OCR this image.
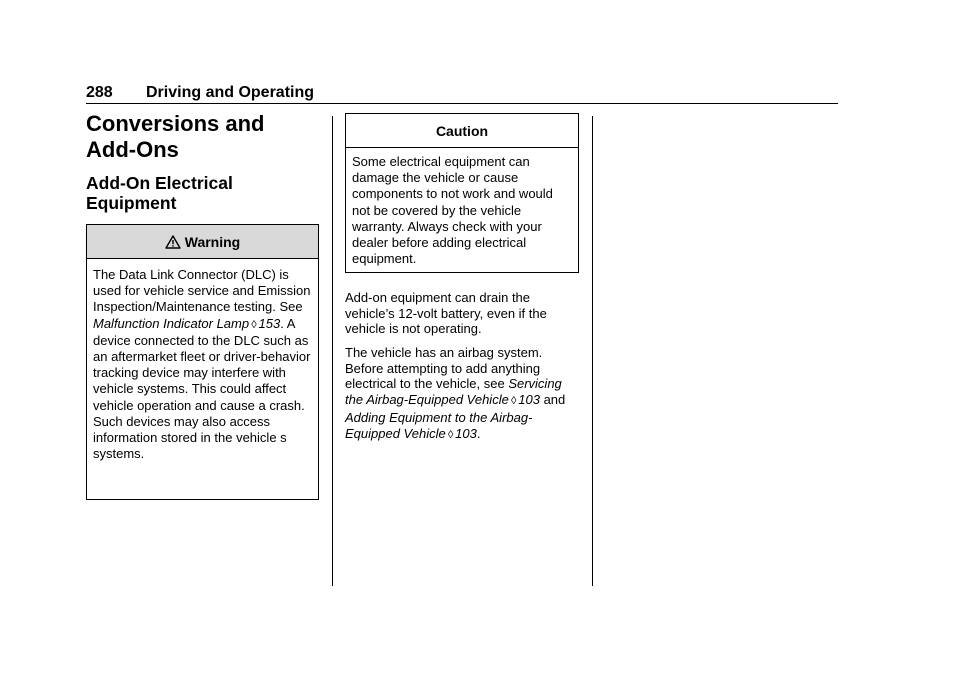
288 Driving and Operating
Conversions and
Add-Ons
Add-On Electrical
Equipment
Warning
The Data Link Connector (DLC) is used for vehicle service and Emission Inspection/Maintenance testing. See Malfunction Indicator Lamp ◊ 153. A device connected to the DLC such as an aftermarket fleet or driver-behavior tracking device may interfere with vehicle systems. This could affect vehicle operation and cause a crash. Such devices may also access information stored in the vehicle s systems.
Caution
Some electrical equipment can damage the vehicle or cause components to not work and would not be covered by the vehicle warranty. Always check with your dealer before adding electrical equipment.
Add-on equipment can drain the vehicle’s 12-volt battery, even if the vehicle is not operating.
The vehicle has an airbag system. Before attempting to add anything electrical to the vehicle, see Servicing the Airbag-Equipped Vehicle ◊ 103 and Adding Equipment to the Airbag-Equipped Vehicle ◊ 103.
